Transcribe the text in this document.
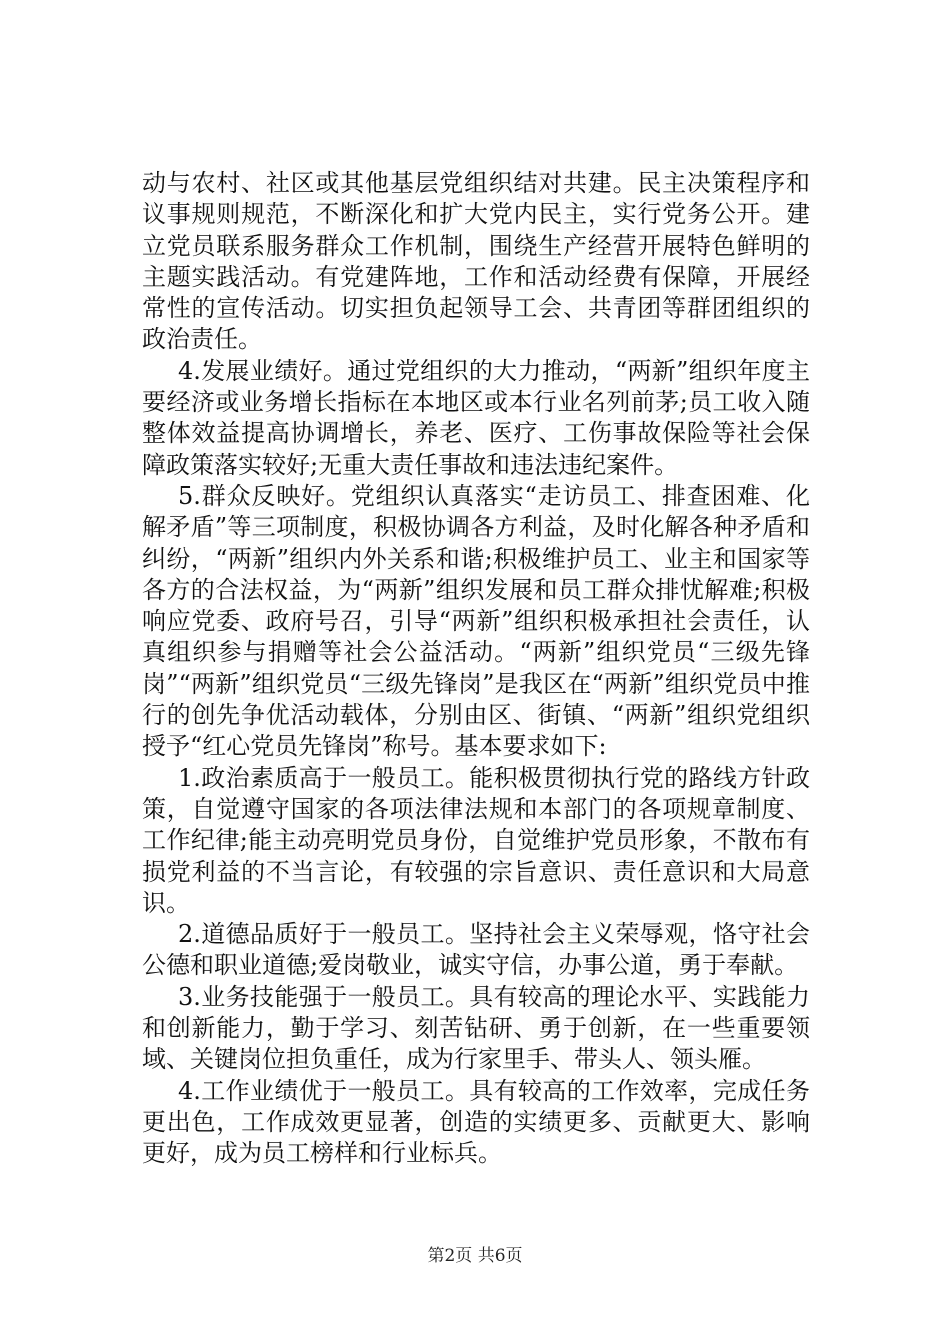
动与农村、社区或其他基层党组织结对共建。民主决策程序和议事规则规范，不断深化和扩大党内民主，实行党务公开。建立党员联系服务群众工作机制，围绕生产经营开展特色鲜明的主题实践活动。有党建阵地，工作和活动经费有保障，开展经常性的宣传活动。切实担负起领导工会、共青团等群团组织的政治责任。

4.发展业绩好。通过党组织的大力推动，“两新”组织年度主要经济或业务增长指标在本地区或本行业名列前茅;员工收入随整体效益提高协调增长，养老、医疗、工伤事故保险等社会保障政策落实较好;无重大责任事故和违法违纪案件。

5.群众反映好。党组织认真落实“走访员工、排查困难、化解矛盾”等三项制度，积极协调各方利益，及时化解各种矛盾和纠纷，“两新”组织内外关系和谐;积极维护员工、业主和国家等各方的合法权益，为“两新”组织发展和员工群众排忧解难;积极响应党委、政府号召，引导“两新”组织积极承担社会责任，认真组织参与捐赠等社会公益活动。“两新”组织党员“三级先锋岗”“两新”组织党员“三级先锋岗”是我区在“两新”组织党员中推行的创先争优活动载体，分别由区、街镇、“两新”组织党组织授予“红心党员先锋岗”称号。基本要求如下:

1.政治素质高于一般员工。能积极贯彻执行党的路线方针政策，自觉遵守国家的各项法律法规和本部门的各项规章制度、工作纪律;能主动亮明党员身份，自觉维护党员形象，不散布有损党利益的不当言论，有较强的宗旨意识、责任意识和大局意识。

2.道德品质好于一般员工。坚持社会主义荣辱观，恪守社会公德和职业道德;爱岗敬业，诚实守信，办事公道，勇于奉献。

3.业务技能强于一般员工。具有较高的理论水平、实践能力和创新能力，勤于学习、刻苦钻研、勇于创新，在一些重要领域、关键岗位担负重任，成为行家里手、带头人、领头雁。

4.工作业绩优于一般员工。具有较高的工作效率，完成任务更出色，工作成效更显著，创造的实绩更多、贡献更大、影响更好，成为员工榜样和行业标兵。

第2页 共6页
